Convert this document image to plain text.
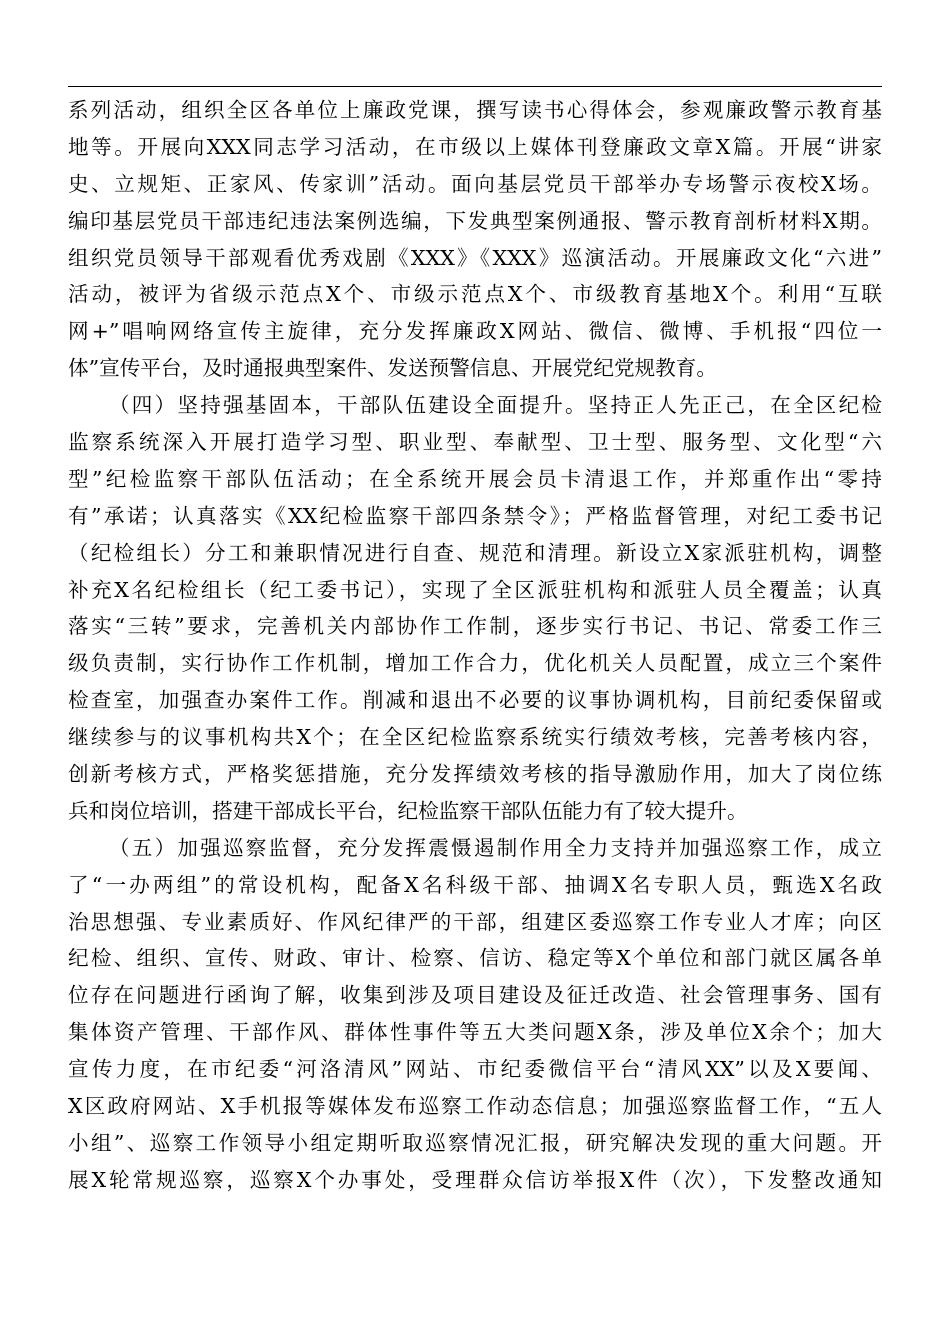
系列活动，组织全区各单位上廉政党课，撰写读书心得体会，参观廉政警示教育基
地等。开展向XXX同志学习活动，在市级以上媒体刊登廉政文章X篇。开展“讲家
史、立规矩、正家风、传家训”活动。面向基层党员干部举办专场警示夜校X场。
编印基层党员干部违纪违法案例选编，下发典型案例通报、警示教育剖析材料X期。
组织党员领导干部观看优秀戏剧《XXX》《XXX》巡演活动。开展廉政文化“六进”
活动，被评为省级示范点X个、市级示范点X个、市级教育基地X个。利用“互联
网+”唱响网络宣传主旋律，充分发挥廉政X网站、微信、微博、手机报“四位一
体”宣传平台，及时通报典型案件、发送预警信息、开展党纪党规教育。
（四）坚持强基固本，干部队伍建设全面提升。坚持正人先正己，在全区纪检
监察系统深入开展打造学习型、职业型、奉献型、卫士型、服务型、文化型“六
型”纪检监察干部队伍活动；在全系统开展会员卡清退工作，并郑重作出“零持
有”承诺；认真落实《XX纪检监察干部四条禁令》；严格监督管理，对纪工委书记
（纪检组长）分工和兼职情况进行自查、规范和清理。新设立X家派驻机构，调整
补充X名纪检组长（纪工委书记），实现了全区派驻机构和派驻人员全覆盖；认真
落实“三转”要求，完善机关内部协作工作制，逐步实行书记、书记、常委工作三
级负责制，实行协作工作机制，增加工作合力，优化机关人员配置，成立三个案件
检查室，加强查办案件工作。削减和退出不必要的议事协调机构，目前纪委保留或
继续参与的议事机构共X个；在全区纪检监察系统实行绩效考核，完善考核内容，
创新考核方式，严格奖惩措施，充分发挥绩效考核的指导激励作用，加大了岗位练
兵和岗位培训，搭建干部成长平台，纪检监察干部队伍能力有了较大提升。
（五）加强巡察监督，充分发挥震慑遏制作用全力支持并加强巡察工作，成立
了“一办两组”的常设机构，配备X名科级干部、抽调X名专职人员，甄选X名政
治思想强、专业素质好、作风纪律严的干部，组建区委巡察工作专业人才库；向区
纪检、组织、宣传、财政、审计、检察、信访、稳定等X个单位和部门就区属各单
位存在问题进行函询了解，收集到涉及项目建设及征迁改造、社会管理事务、国有
集体资产管理、干部作风、群体性事件等五大类问题X条，涉及单位X余个；加大
宣传力度，在市纪委“河洛清风”网站、市纪委微信平台“清风XX”以及X要闻、
X区政府网站、X手机报等媒体发布巡察工作动态信息；加强巡察监督工作，“五人
小组”、巡察工作领导小组定期听取巡察情况汇报，研究解决发现的重大问题。开
展X轮常规巡察，巡察X个办事处，受理群众信访举报X件（次），下发整改通知
